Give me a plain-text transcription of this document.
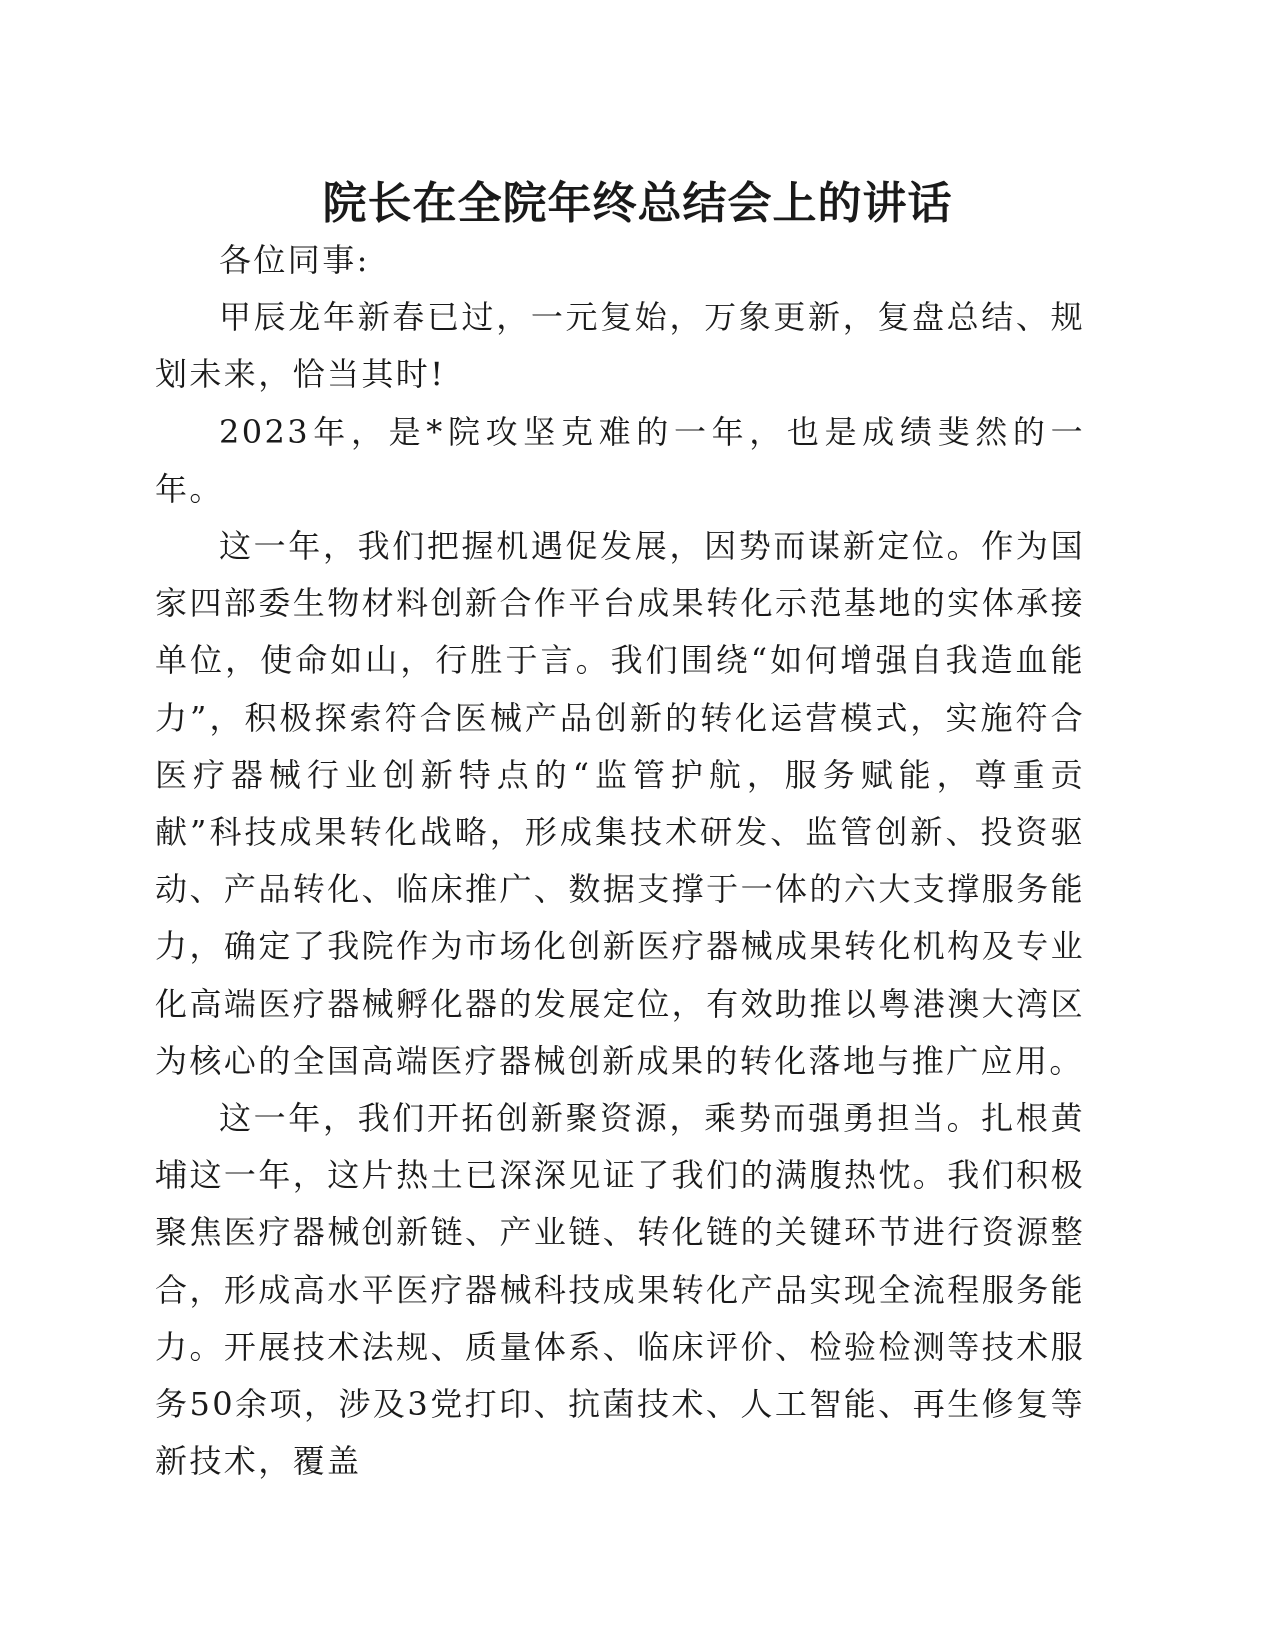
院长在全院年终总结会上的讲话

各位同事:

甲辰龙年新春已过，一元复始，万象更新，复盘总结、规划未来，恰当其时!

2023年，是*院攻坚克难的一年，也是成绩斐然的一年。

这一年，我们把握机遇促发展，因势而谋新定位。作为国家四部委生物材料创新合作平台成果转化示范基地的实体承接单位，使命如山，行胜于言。我们围绕“如何增强自我造血能力”，积极探索符合医械产品创新的转化运营模式，实施符合医疗器械行业创新特点的“监管护航，服务赋能，尊重贡献”科技成果转化战略，形成集技术研发、监管创新、投资驱动、产品转化、临床推广、数据支撑于一体的六大支撑服务能力，确定了我院作为市场化创新医疗器械成果转化机构及专业化高端医疗器械孵化器的发展定位，有效助推以粤港澳大湾区为核心的全国高端医疗器械创新成果的转化落地与推广应用。

这一年，我们开拓创新聚资源，乘势而强勇担当。扎根黄埔这一年，这片热土已深深见证了我们的满腹热忱。我们积极聚焦医疗器械创新链、产业链、转化链的关键环节进行资源整合，形成高水平医疗器械科技成果转化产品实现全流程服务能力。开展技术法规、质量体系、临床评价、检验检测等技术服务50余项，涉及3党打印、抗菌技术、人工智能、再生修复等新技术，覆盖
